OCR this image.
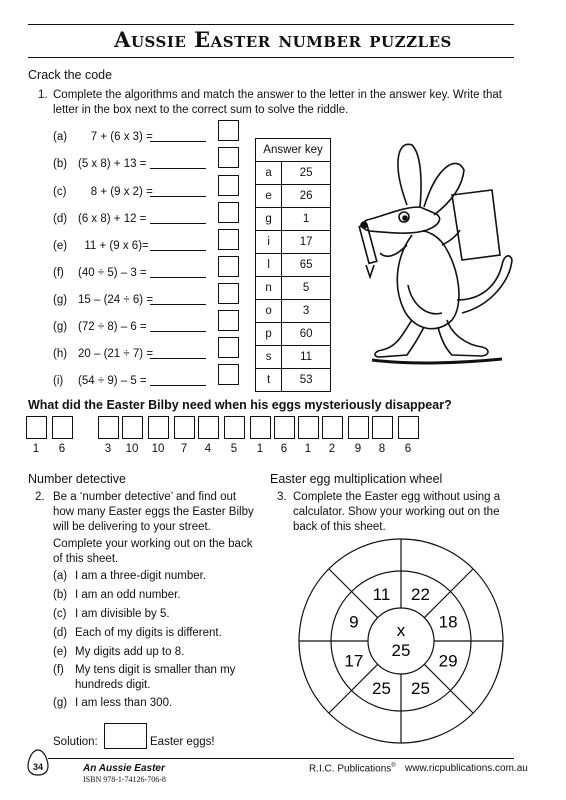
Aussie Easter number puzzles
Crack the code
1. Complete the algorithms and match the answer to the letter in the answer key. Write that
letter in the box next to the correct sum to solve the riddle.
Answer key	
a	25
e	26
g	1
i	17
l	65
n	5
o	3
p	60
s	11
t	53
What did the Easter Bilby need when his eggs mysteriously disappear?
Number detective
2. Be a ‘number detective’ and find out
how many Easter eggs the Easter Bilby
will be delivering to your street.
Complete your working out on the back
of this sheet.
Solution:	Easter eggs!
Easter egg multiplication wheel
3. Complete the Easter egg without using a
calculator. Show your working out on the
back of this sheet.
x
25
22
18
29
25
25
17
9
11
34	An Aussie Easter
ISBN 978-1-74126-706-8
R.I.C. Publications® www.ricpublications.com.au
(a) 7 + (6 x 3) =
(b) (5 x 8) + 13 =
(c) 8 + (9 x 2) =
(d) (6 x 8) + 12 =
(e) 11 + (9 x 6)=
(f) (40 ÷ 5) – 3 =
(g) 15 – (24 ÷ 6) =
(g) (72 ÷ 8) – 6 =
(h) 20 – (21 ÷ 7) =
(i) (54 ÷ 9) – 5 =
1	6	3	10	10	7	4	5	1	6	1	2	9	8	6
(a) I am a three-digit number.
(b) I am an odd number.
(c) I am divisible by 5.
(d) Each of my digits is different.
(e) My digits add up to 8.
(f) My tens digit is smaller than my
hundreds digit.
(g) I am less than 300.
